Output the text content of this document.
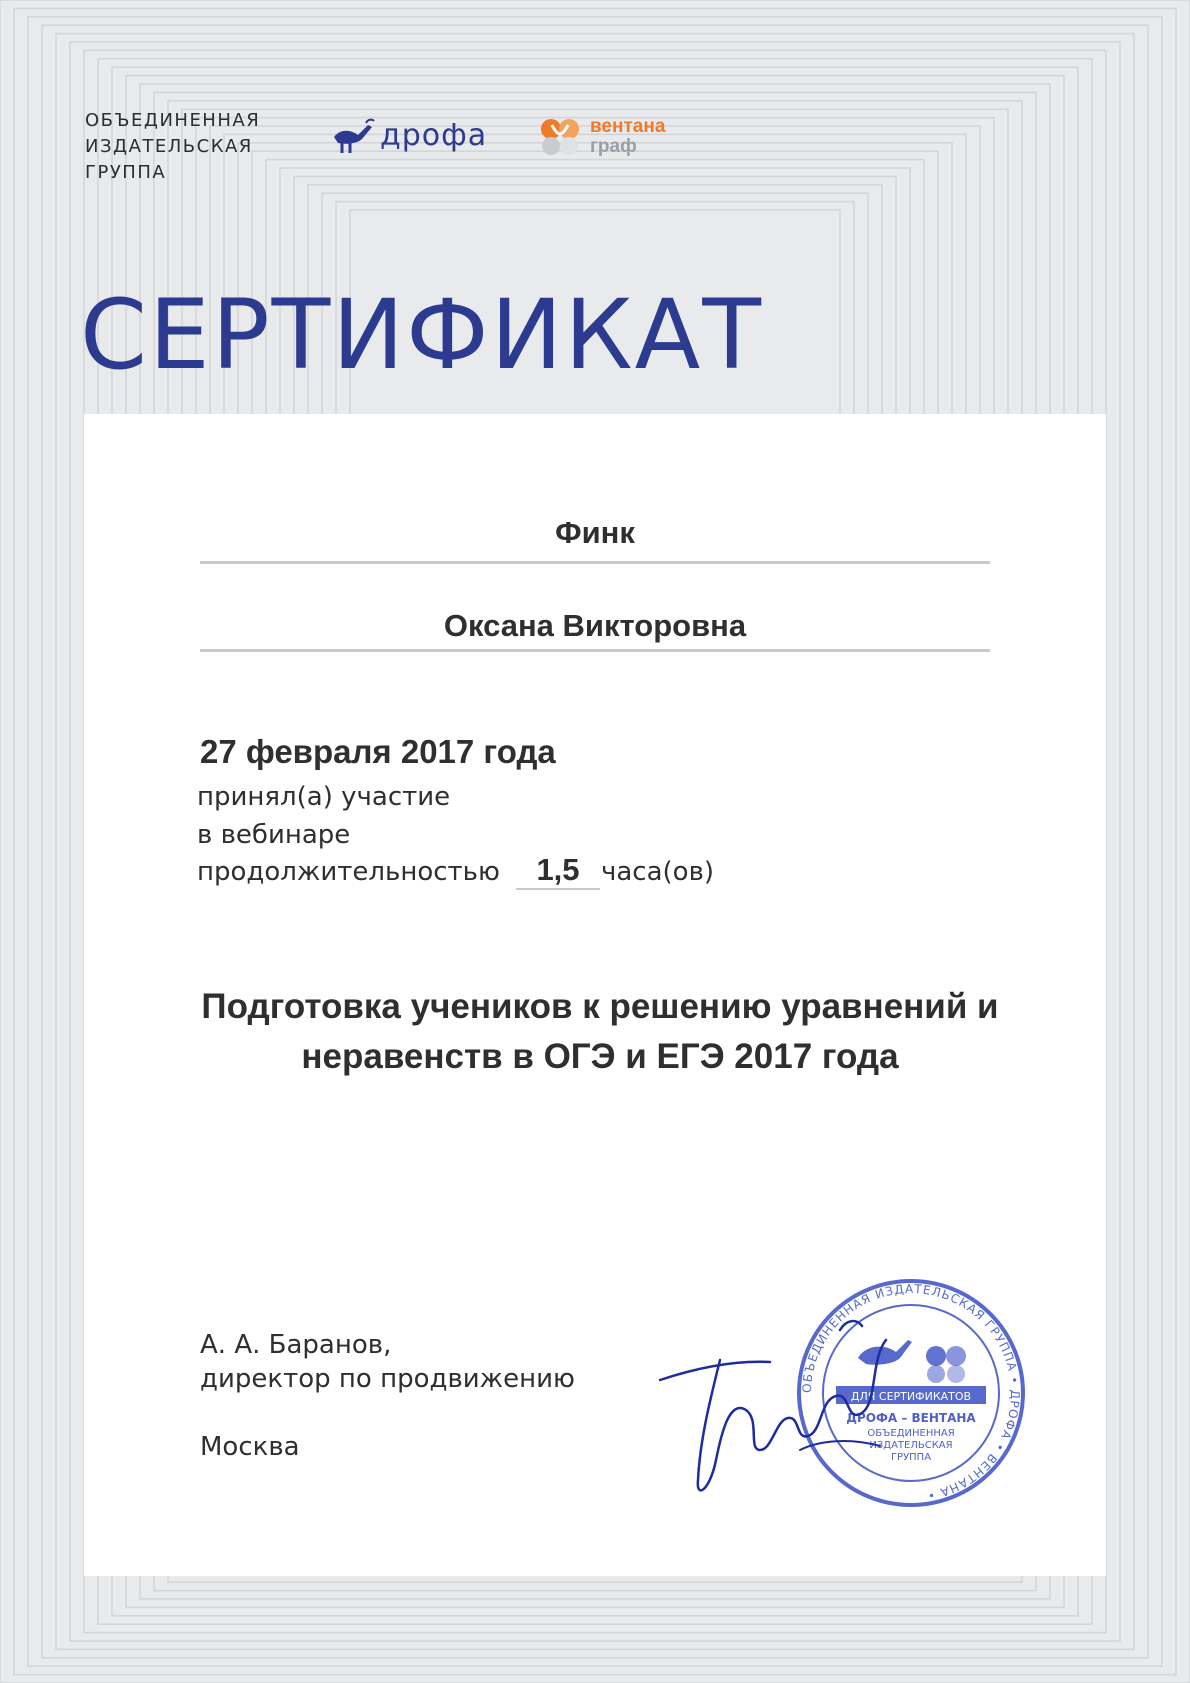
ОБЪЕДИНЕННАЯ
ИЗДАТЕЛЬСКАЯ
ГРУППА
дрофа	вентана
граф
СЕРТИФИКАТ
Финк
Оксана Викторовна
27 февраля 2017 года
принял(а) участие
в вебинаре
продолжительностью	1,5 часа(ов)
Подготовка учеников к решению уравнений и
неравенств в ОГЭ и ЕГЭ 2017 года
А. А. Баранов,
директор по продвижению
Москва
ОБЪЕДИНЕННАЯ ИЗДАТЕЛЬСКАЯ ГРУППА • ДРОФА • ВЕНТАНА •
ДЛЯ СЕРТИФИКАТОВ
ДРОФА – ВЕНТАНА
ОБЪЕДИНЕННАЯ
ИЗДАТЕЛЬСКАЯ
ГРУППА
